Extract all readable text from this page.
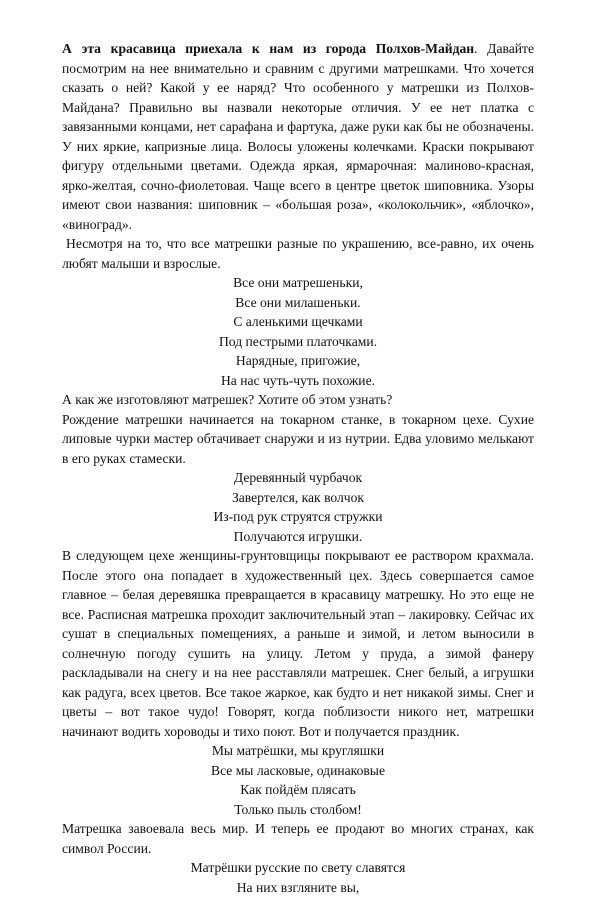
А эта красавица приехала к нам из города Полхов-Майдан. Давайте посмотрим на нее внимательно и сравним с другими матрешками. Что хочется сказать о ней? Какой у ее наряд? Что особенного у матрешки из Полхов-Майдана? Правильно вы назвали некоторые отличия. У ее нет платка с завязанными концами, нет сарафана и фартука, даже руки как бы не обозначены. У них яркие, капризные лица. Волосы уложены колечками. Краски покрывают фигуру отдельными цветами. Одежда яркая, ярмарочная: малиново-красная, ярко-желтая, сочно-фиолетовая. Чаще всего в центре цветок шиповника. Узоры имеют свои названия: шиповник – «большая роза», «колокольчик», «яблочко», «виноград».

Несмотря на то, что все матрешки разные по украшению, все-равно, их очень любят малыши и взрослые.

Все они матрешеньки,
Все они милашеньки.
С аленькими щечками
Под пестрыми платочками.
Нарядные, пригожие,
На нас чуть-чуть похожие.

А как же изготовляют матрешек? Хотите об этом узнать?

Рождение матрешки начинается на токарном станке, в токарном цехе. Сухие липовые чурки мастер обтачивает снаружи и из нутрии. Едва уловимо мелькают в его руках стамески.

Деревянный чурбачок
Завертелся, как волчок
Из-под рук струятся стружки
Получаются игрушки.

В следующем цехе женщины-грунтовщицы покрывают ее раствором крахмала. После этого она попадает в художественный цех. Здесь совершается самое главное – белая деревяшка превращается в красавицу матрешку. Но это еще не все. Расписная матрешка проходит заключительный этап – лакировку. Сейчас их сушат в специальных помещениях, а раньше и зимой, и летом выносили в солнечную погоду сушить на улицу. Летом у пруда, а зимой фанеру раскладывали на снегу и на нее расставляли матрешек. Снег белый, а игрушки как радуга, всех цветов. Все такое жаркое, как будто и нет никакой зимы. Снег и цветы – вот такое чудо! Говорят, когда поблизости никого нет, матрешки начинают водить хороводы и тихо поют. Вот и получается праздник.

Мы матрёшки, мы кругляшки
Все мы ласковые, одинаковые
Как пойдём плясать
Только пыль столбом!

Матрешка завоевала весь мир. И теперь ее продают во многих странах, как символ России.

Матрёшки русские по свету славятся
На них взгляните вы,
